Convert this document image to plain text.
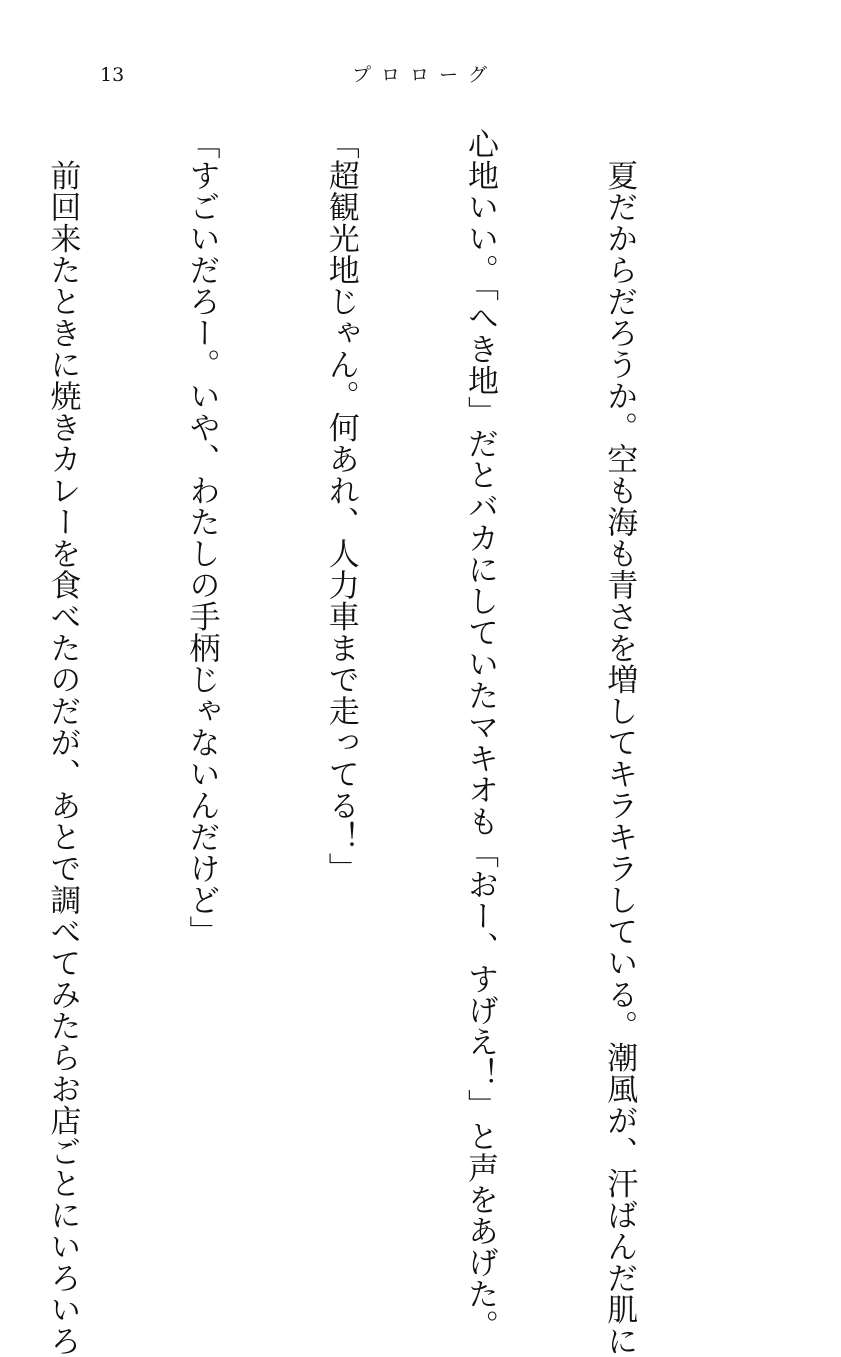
13	プロローグ

　夏だからだろうか。空も海も青さを増してキラキラしている。潮風が、汗ばんだ肌に

心地いい。「へき地」だとバカにしていたマキオも「おー、すげえ！」と声をあげた。

「超観光地じゃん。何あれ、人力車まで走ってる！」

「すごいだろー。いや、わたしの手柄じゃないんだけど」

　前回来たときに焼きカレーを食べたのだが、あとで調べてみたらお店ごとにいろいろ
